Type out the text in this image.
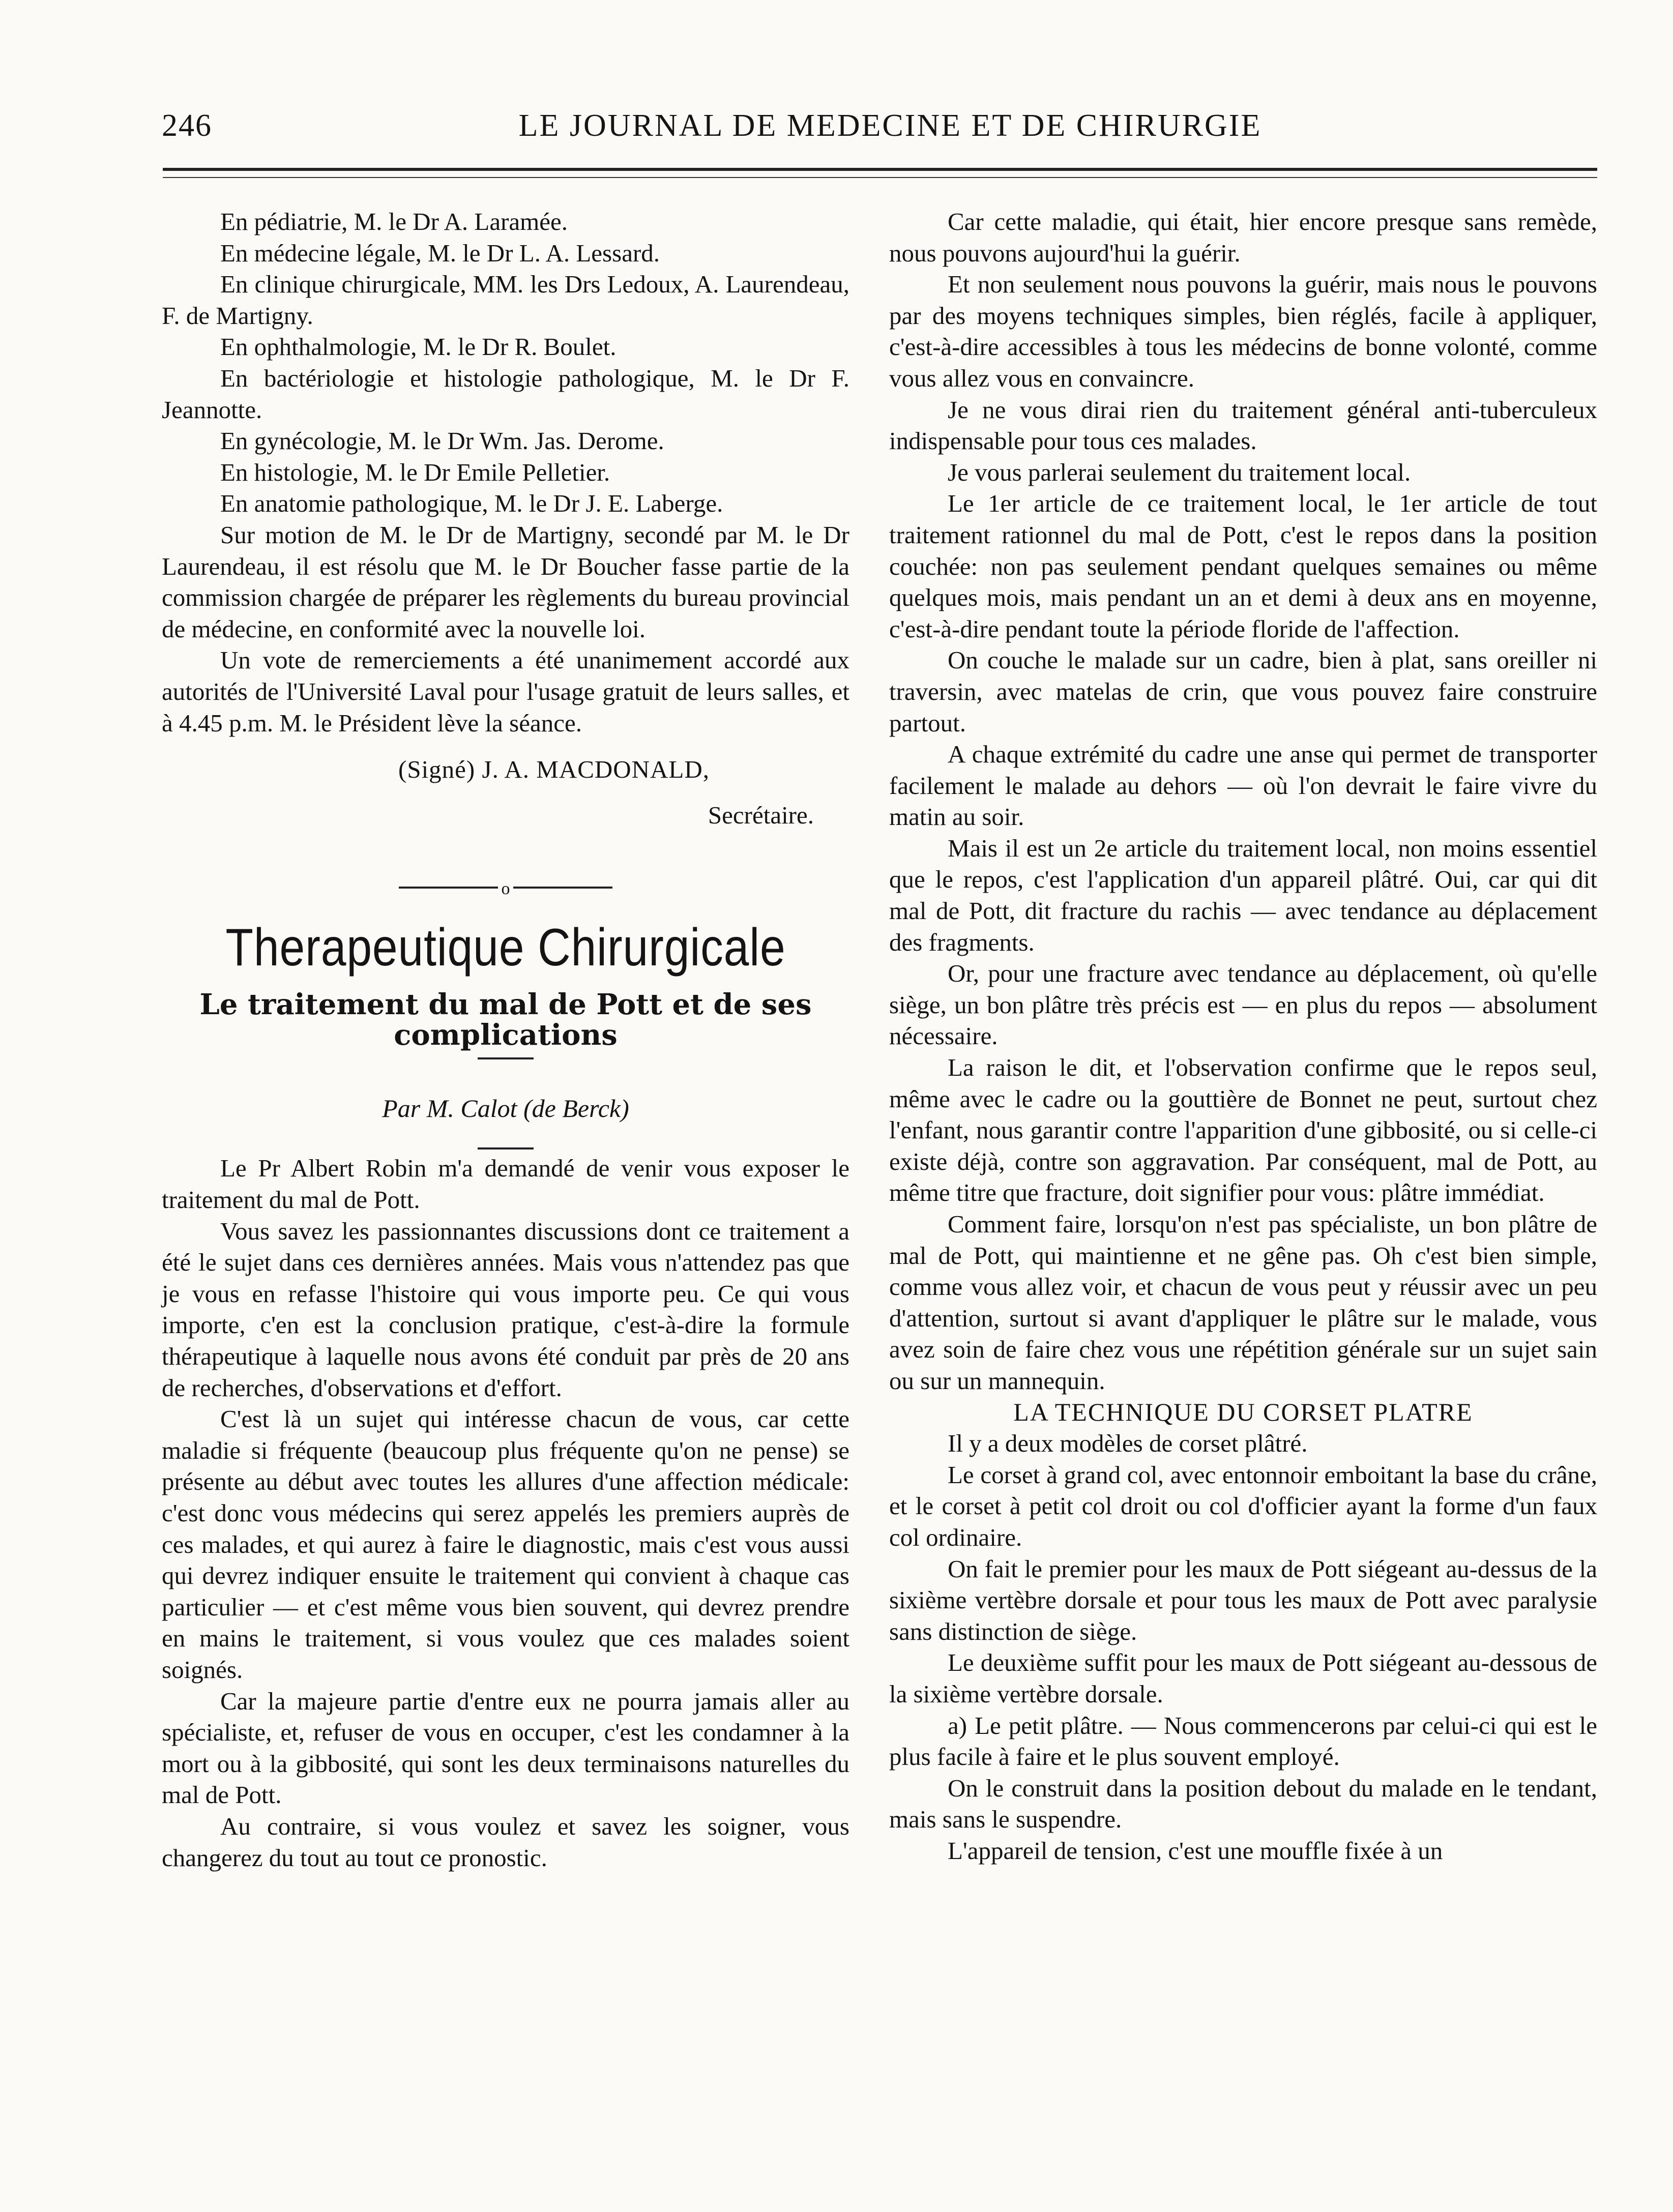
246	LE JOURNAL DE MEDECINE ET DE CHIRURGIE

En pédiatrie, M. le Dr A. Laramée.

En médecine légale, M. le Dr L. A. Lessard.

En clinique chirurgicale, MM. les Drs Ledoux, A. Laurendeau, F. de Martigny.

En ophthalmologie, M. le Dr R. Boulet.

En bactériologie et histologie pathologique, M. le Dr F. Jeannotte.

En gynécologie, M. le Dr Wm. Jas. Derome.

En histologie, M. le Dr Emile Pelletier.

En anatomie pathologique, M. le Dr J. E. Laberge.

Sur motion de M. le Dr de Martigny, secondé par M. le Dr Laurendeau, il est résolu que M. le Dr Boucher fasse partie de la commission chargée de préparer les règlements du bureau provincial de médecine, en conformité avec la nouvelle loi.

Un vote de remerciements a été unanimement accordé aux autorités de l'Université Laval pour l'usage gratuit de leurs salles, et à 4.45 p.m. M. le Président lève la séance.

(Signé) J. A. MACDONALD,

Secrétaire.

o
Therapeutique Chirurgicale
Le traitement du mal de Pott et de ses complications
Par M. Calot (de Berck)

Le Pr Albert Robin m'a demandé de venir vous exposer le traitement du mal de Pott.

Vous savez les passionnantes discussions dont ce traitement a été le sujet dans ces dernières années. Mais vous n'attendez pas que je vous en refasse l'histoire qui vous importe peu. Ce qui vous importe, c'en est la conclusion pratique, c'est-à-dire la formule thérapeutique à laquelle nous avons été conduit par près de 20 ans de recherches, d'observations et d'effort.

C'est là un sujet qui intéresse chacun de vous, car cette maladie si fréquente (beaucoup plus fréquente qu'on ne pense) se présente au début avec toutes les allures d'une affection médicale: c'est donc vous médecins qui serez appelés les premiers auprès de ces malades, et qui aurez à faire le diagnostic, mais c'est vous aussi qui devrez indiquer ensuite le traitement qui convient à chaque cas particulier — et c'est même vous bien souvent, qui devrez prendre en mains le traitement, si vous voulez que ces malades soient soignés.

Car la majeure partie d'entre eux ne pourra jamais aller au spécialiste, et, refuser de vous en occuper, c'est les condamner à la mort ou à la gibbosité, qui sont les deux terminaisons naturelles du mal de Pott.

Au contraire, si vous voulez et savez les soigner, vous changerez du tout au tout ce pronostic.

Car cette maladie, qui était, hier encore presque sans remède, nous pouvons aujourd'hui la guérir.

Et non seulement nous pouvons la guérir, mais nous le pouvons par des moyens techniques simples, bien réglés, facile à appliquer, c'est-à-dire accessibles à tous les médecins de bonne volonté, comme vous allez vous en convaincre.

Je ne vous dirai rien du traitement général anti-tuberculeux indispensable pour tous ces malades.

Je vous parlerai seulement du traitement local.

Le 1er article de ce traitement local, le 1er article de tout traitement rationnel du mal de Pott, c'est le repos dans la position couchée: non pas seulement pendant quelques semaines ou même quelques mois, mais pendant un an et demi à deux ans en moyenne, c'est-à-dire pendant toute la période floride de l'affection.

On couche le malade sur un cadre, bien à plat, sans oreiller ni traversin, avec matelas de crin, que vous pouvez faire construire partout.

A chaque extrémité du cadre une anse qui permet de transporter facilement le malade au dehors — où l'on devrait le faire vivre du matin au soir.

Mais il est un 2e article du traitement local, non moins essentiel que le repos, c'est l'application d'un appareil plâtré. Oui, car qui dit mal de Pott, dit fracture du rachis — avec tendance au déplacement des fragments.

Or, pour une fracture avec tendance au déplacement, où qu'elle siège, un bon plâtre très précis est — en plus du repos — absolument nécessaire.

La raison le dit, et l'observation confirme que le repos seul, même avec le cadre ou la gouttière de Bonnet ne peut, surtout chez l'enfant, nous garantir contre l'apparition d'une gibbosité, ou si celle-ci existe déjà, contre son aggravation. Par conséquent, mal de Pott, au même titre que fracture, doit signifier pour vous: plâtre immédiat.

Comment faire, lorsqu'on n'est pas spécialiste, un bon plâtre de mal de Pott, qui maintienne et ne gêne pas. Oh c'est bien simple, comme vous allez voir, et chacun de vous peut y réussir avec un peu d'attention, surtout si avant d'appliquer le plâtre sur le malade, vous avez soin de faire chez vous une répétition générale sur un sujet sain ou sur un mannequin.

LA TECHNIQUE DU CORSET PLATRE

Il y a deux modèles de corset plâtré.

Le corset à grand col, avec entonnoir emboitant la base du crâne, et le corset à petit col droit ou col d'officier ayant la forme d'un faux col ordinaire.

On fait le premier pour les maux de Pott siégeant au-dessus de la sixième vertèbre dorsale et pour tous les maux de Pott avec paralysie sans distinction de siège.

Le deuxième suffit pour les maux de Pott siégeant au-dessous de la sixième vertèbre dorsale.

a) Le petit plâtre. — Nous commencerons par celui-ci qui est le plus facile à faire et le plus souvent employé.

On le construit dans la position debout du malade en le tendant, mais sans le suspendre.

L'appareil de tension, c'est une mouffle fixée à un
